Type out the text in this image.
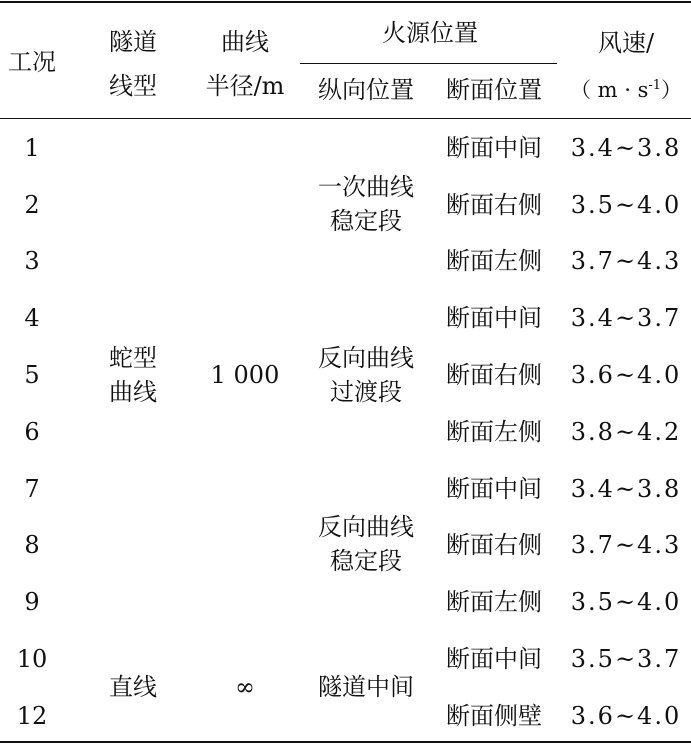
工况
隧道
线型
曲线
半径/m
火源位置
纵向位置 断面位置
风速/
（ $m \cdot s^{-1}$）
1
2
3
4
5
6
7
8
9
10
12
蛇型
曲线
直线
1 000
∞
一次曲线
稳定段
反向曲线
过渡段
反向曲线
稳定段
隧道中间
断面中间
断面右侧
断面左侧
断面中间
断面右侧
断面左侧
断面中间
断面右侧
断面左侧
断面中间
断面侧壁
3.4~3.8
3.5~4.0
3.7~4.3
3.4~3.7
3.6~4.0
3.8~4.2
3.4~3.8
3.7~4.3
3.5~4.0
3.5~3.7
3.6~4.0
